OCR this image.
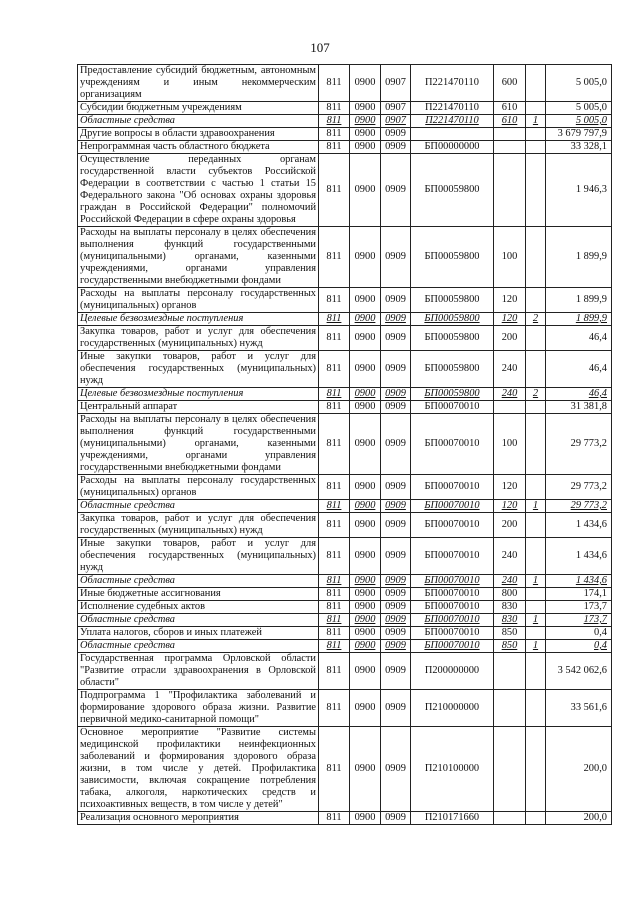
107
Предоставление субсидий бюджетным, автономным учреждениям и иным некоммерческим организациям	811	0900	0907	П221470110	600		5 005,0
Субсидии бюджетным учреждениям	811	0900	0907	П221470110	610		5 005,0
Областные средства	811	0900	0907	П221470110	610	1	5 005,0
Другие вопросы в области здравоохранения	811	0900	0909				3 679 797,9
Непрограммная часть областного бюджета	811	0900	0909	БП00000000			33 328,1
Осуществление переданных органам государственной власти субъектов Российской Федерации в соответствии с частью 1 статьи 15 Федерального закона "Об основах охраны здоровья граждан в Российской Федерации" полномочий Российской Федерации в сфере охраны здоровья	811	0900	0909	БП00059800			1 946,3
Расходы на выплаты персоналу в целях обеспечения выполнения функций государственными (муниципальными) органами, казенными учреждениями, органами управления государственными внебюджетными фондами	811	0900	0909	БП00059800	100		1 899,9
Расходы на выплаты персоналу государственных (муниципальных) органов	811	0900	0909	БП00059800	120		1 899,9
Целевые безвозмездные поступления	811	0900	0909	БП00059800	120	2	1 899,9
Закупка товаров, работ и услуг для обеспечения государственных (муниципальных) нужд	811	0900	0909	БП00059800	200		46,4
Иные закупки товаров, работ и услуг для обеспечения государственных (муниципальных) нужд	811	0900	0909	БП00059800	240		46,4
Целевые безвозмездные поступления	811	0900	0909	БП00059800	240	2	46,4
Центральный аппарат	811	0900	0909	БП00070010			31 381,8
Расходы на выплаты персоналу в целях обеспечения выполнения функций государственными (муниципальными) органами, казенными учреждениями, органами управления государственными внебюджетными фондами	811	0900	0909	БП00070010	100		29 773,2
Расходы на выплаты персоналу государственных (муниципальных) органов	811	0900	0909	БП00070010	120		29 773,2
Областные средства	811	0900	0909	БП00070010	120	1	29 773,2
Закупка товаров, работ и услуг для обеспечения государственных (муниципальных) нужд	811	0900	0909	БП00070010	200		1 434,6
Иные закупки товаров, работ и услуг для обеспечения государственных (муниципальных) нужд	811	0900	0909	БП00070010	240		1 434,6
Областные средства	811	0900	0909	БП00070010	240	1	1 434,6
Иные бюджетные ассигнования	811	0900	0909	БП00070010	800		174,1
Исполнение судебных актов	811	0900	0909	БП00070010	830		173,7
Областные средства	811	0900	0909	БП00070010	830	1	173,7
Уплата налогов, сборов и иных платежей	811	0900	0909	БП00070010	850		0,4
Областные средства	811	0900	0909	БП00070010	850	1	0,4
Государственная программа Орловской области "Развитие отрасли здравоохранения в Орловской области"	811	0900	0909	П200000000			3 542 062,6
Подпрограмма 1 "Профилактика заболеваний и формирование здорового образа жизни. Развитие первичной медико-санитарной помощи"	811	0900	0909	П210000000			33 561,6
Основное мероприятие "Развитие системы медицинской профилактики неинфекционных заболеваний и формирования здорового образа жизни, в том числе у детей. Профилактика зависимости, включая сокращение потребления табака, алкоголя, наркотических средств и психоактивных веществ, в том числе у детей"	811	0900	0909	П210100000			200,0
Реализация основного мероприятия	811	0900	0909	П210171660			200,0
